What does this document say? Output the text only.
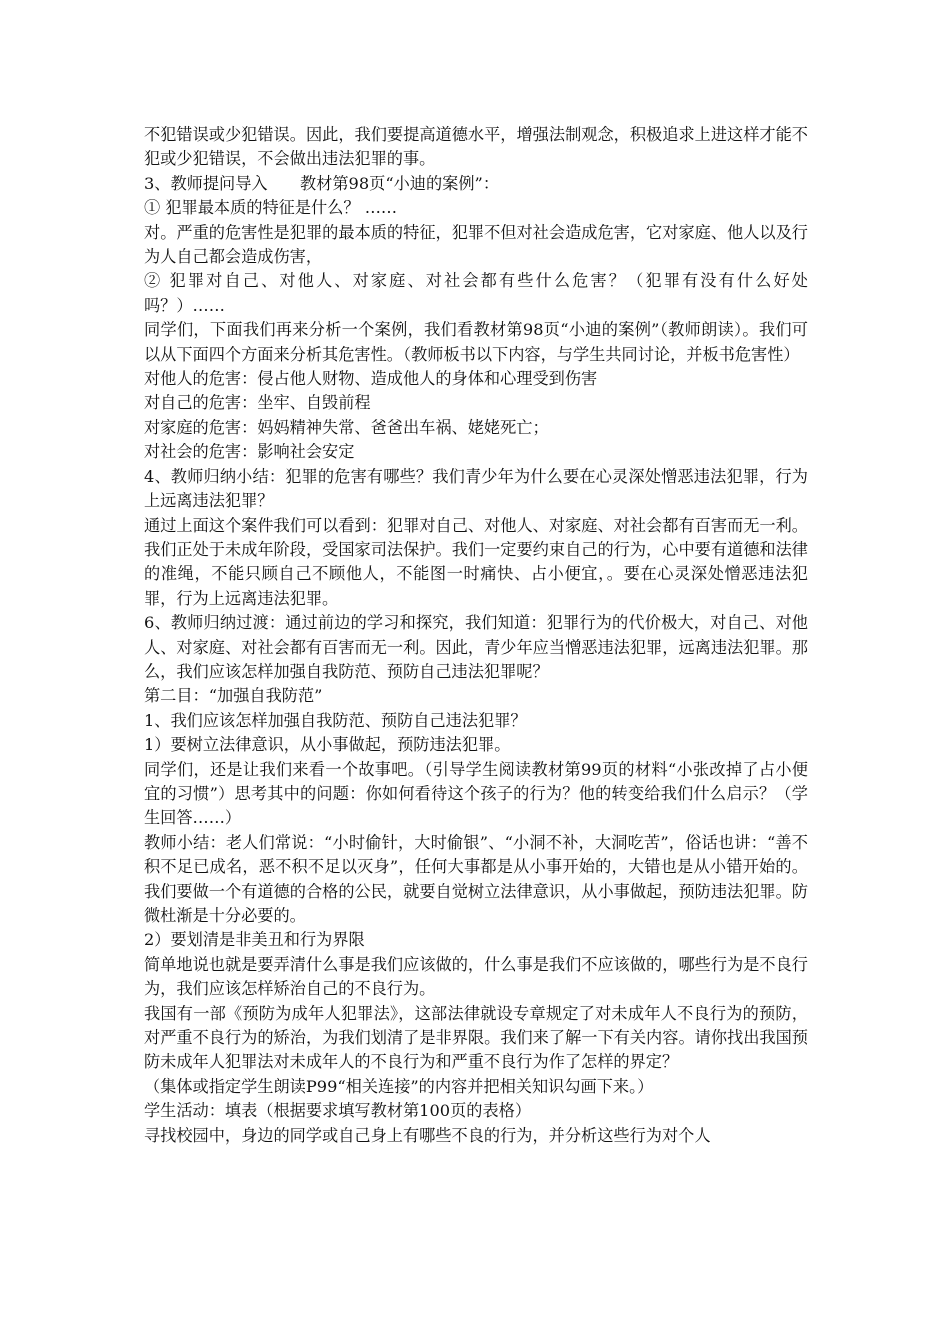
不犯错误或少犯错误。因此，我们要提高道德水平，增强法制观念，积极追求上进这样才能不犯或少犯错误，不会做出违法犯罪的事。

3、教师提问导入　　教材第98页“小迪的案例”：

① 犯罪最本质的特征是什么？ ……

对。严重的危害性是犯罪的最本质的特征，犯罪不但对社会造成危害，它对家庭、他人以及行为人自己都会造成伤害，

② 犯罪对自己、对他人、对家庭、对社会都有些什么危害？（犯罪有没有什么好处吗？）……

同学们，下面我们再来分析一个案例，我们看教材第98页“小迪的案例”（教师朗读）。我们可以从下面四个方面来分析其危害性。（教师板书以下内容，与学生共同讨论，并板书危害性）

对他人的危害：侵占他人财物、造成他人的身体和心理受到伤害

对自己的危害：坐牢、自毁前程

对家庭的危害：妈妈精神失常、爸爸出车祸、姥姥死亡；

对社会的危害：影响社会安定

4、教师归纳小结：犯罪的危害有哪些？我们青少年为什么要在心灵深处憎恶违法犯罪，行为上远离违法犯罪？

通过上面这个案件我们可以看到：犯罪对自己、对他人、对家庭、对社会都有百害而无一利。我们正处于未成年阶段，受国家司法保护。我们一定要约束自己的行为，心中要有道德和法律的准绳，不能只顾自己不顾他人，不能图一时痛快、占小便宜，。要在心灵深处憎恶违法犯罪，行为上远离违法犯罪。

6、教师归纳过渡：通过前边的学习和探究，我们知道：犯罪行为的代价极大，对自己、对他人、对家庭、对社会都有百害而无一利。因此，青少年应当憎恶违法犯罪，远离违法犯罪。那么，我们应该怎样加强自我防范、预防自己违法犯罪呢？

第二目：“加强自我防范”

1、我们应该怎样加强自我防范、预防自己违法犯罪？

1）要树立法律意识，从小事做起，预防违法犯罪。

同学们，还是让我们来看一个故事吧。（引导学生阅读教材第99页的材料“小张改掉了占小便宜的习惯”）思考其中的问题：你如何看待这个孩子的行为？他的转变给我们什么启示？（学生回答……）

教师小结：老人们常说：“小时偷针，大时偷银”、“小洞不补，大洞吃苦”，俗话也讲：“善不积不足已成名，恶不积不足以灭身”，任何大事都是从小事开始的，大错也是从小错开始的。我们要做一个有道德的合格的公民，就要自觉树立法律意识，从小事做起，预防违法犯罪。防微杜渐是十分必要的。

2）要划清是非美丑和行为界限

简单地说也就是要弄清什么事是我们应该做的，什么事是我们不应该做的，哪些行为是不良行为，我们应该怎样矫治自己的不良行为。

我国有一部《预防为成年人犯罪法》，这部法律就设专章规定了对未成年人不良行为的预防，对严重不良行为的矫治，为我们划清了是非界限。我们来了解一下有关内容。请你找出我国预防未成年人犯罪法对未成年人的不良行为和严重不良行为作了怎样的界定？

（集体或指定学生朗读P99“相关连接”的内容并把相关知识勾画下来。）

学生活动：填表（根据要求填写教材第100页的表格）

寻找校园中，身边的同学或自己身上有哪些不良的行为，并分析这些行为对个人
